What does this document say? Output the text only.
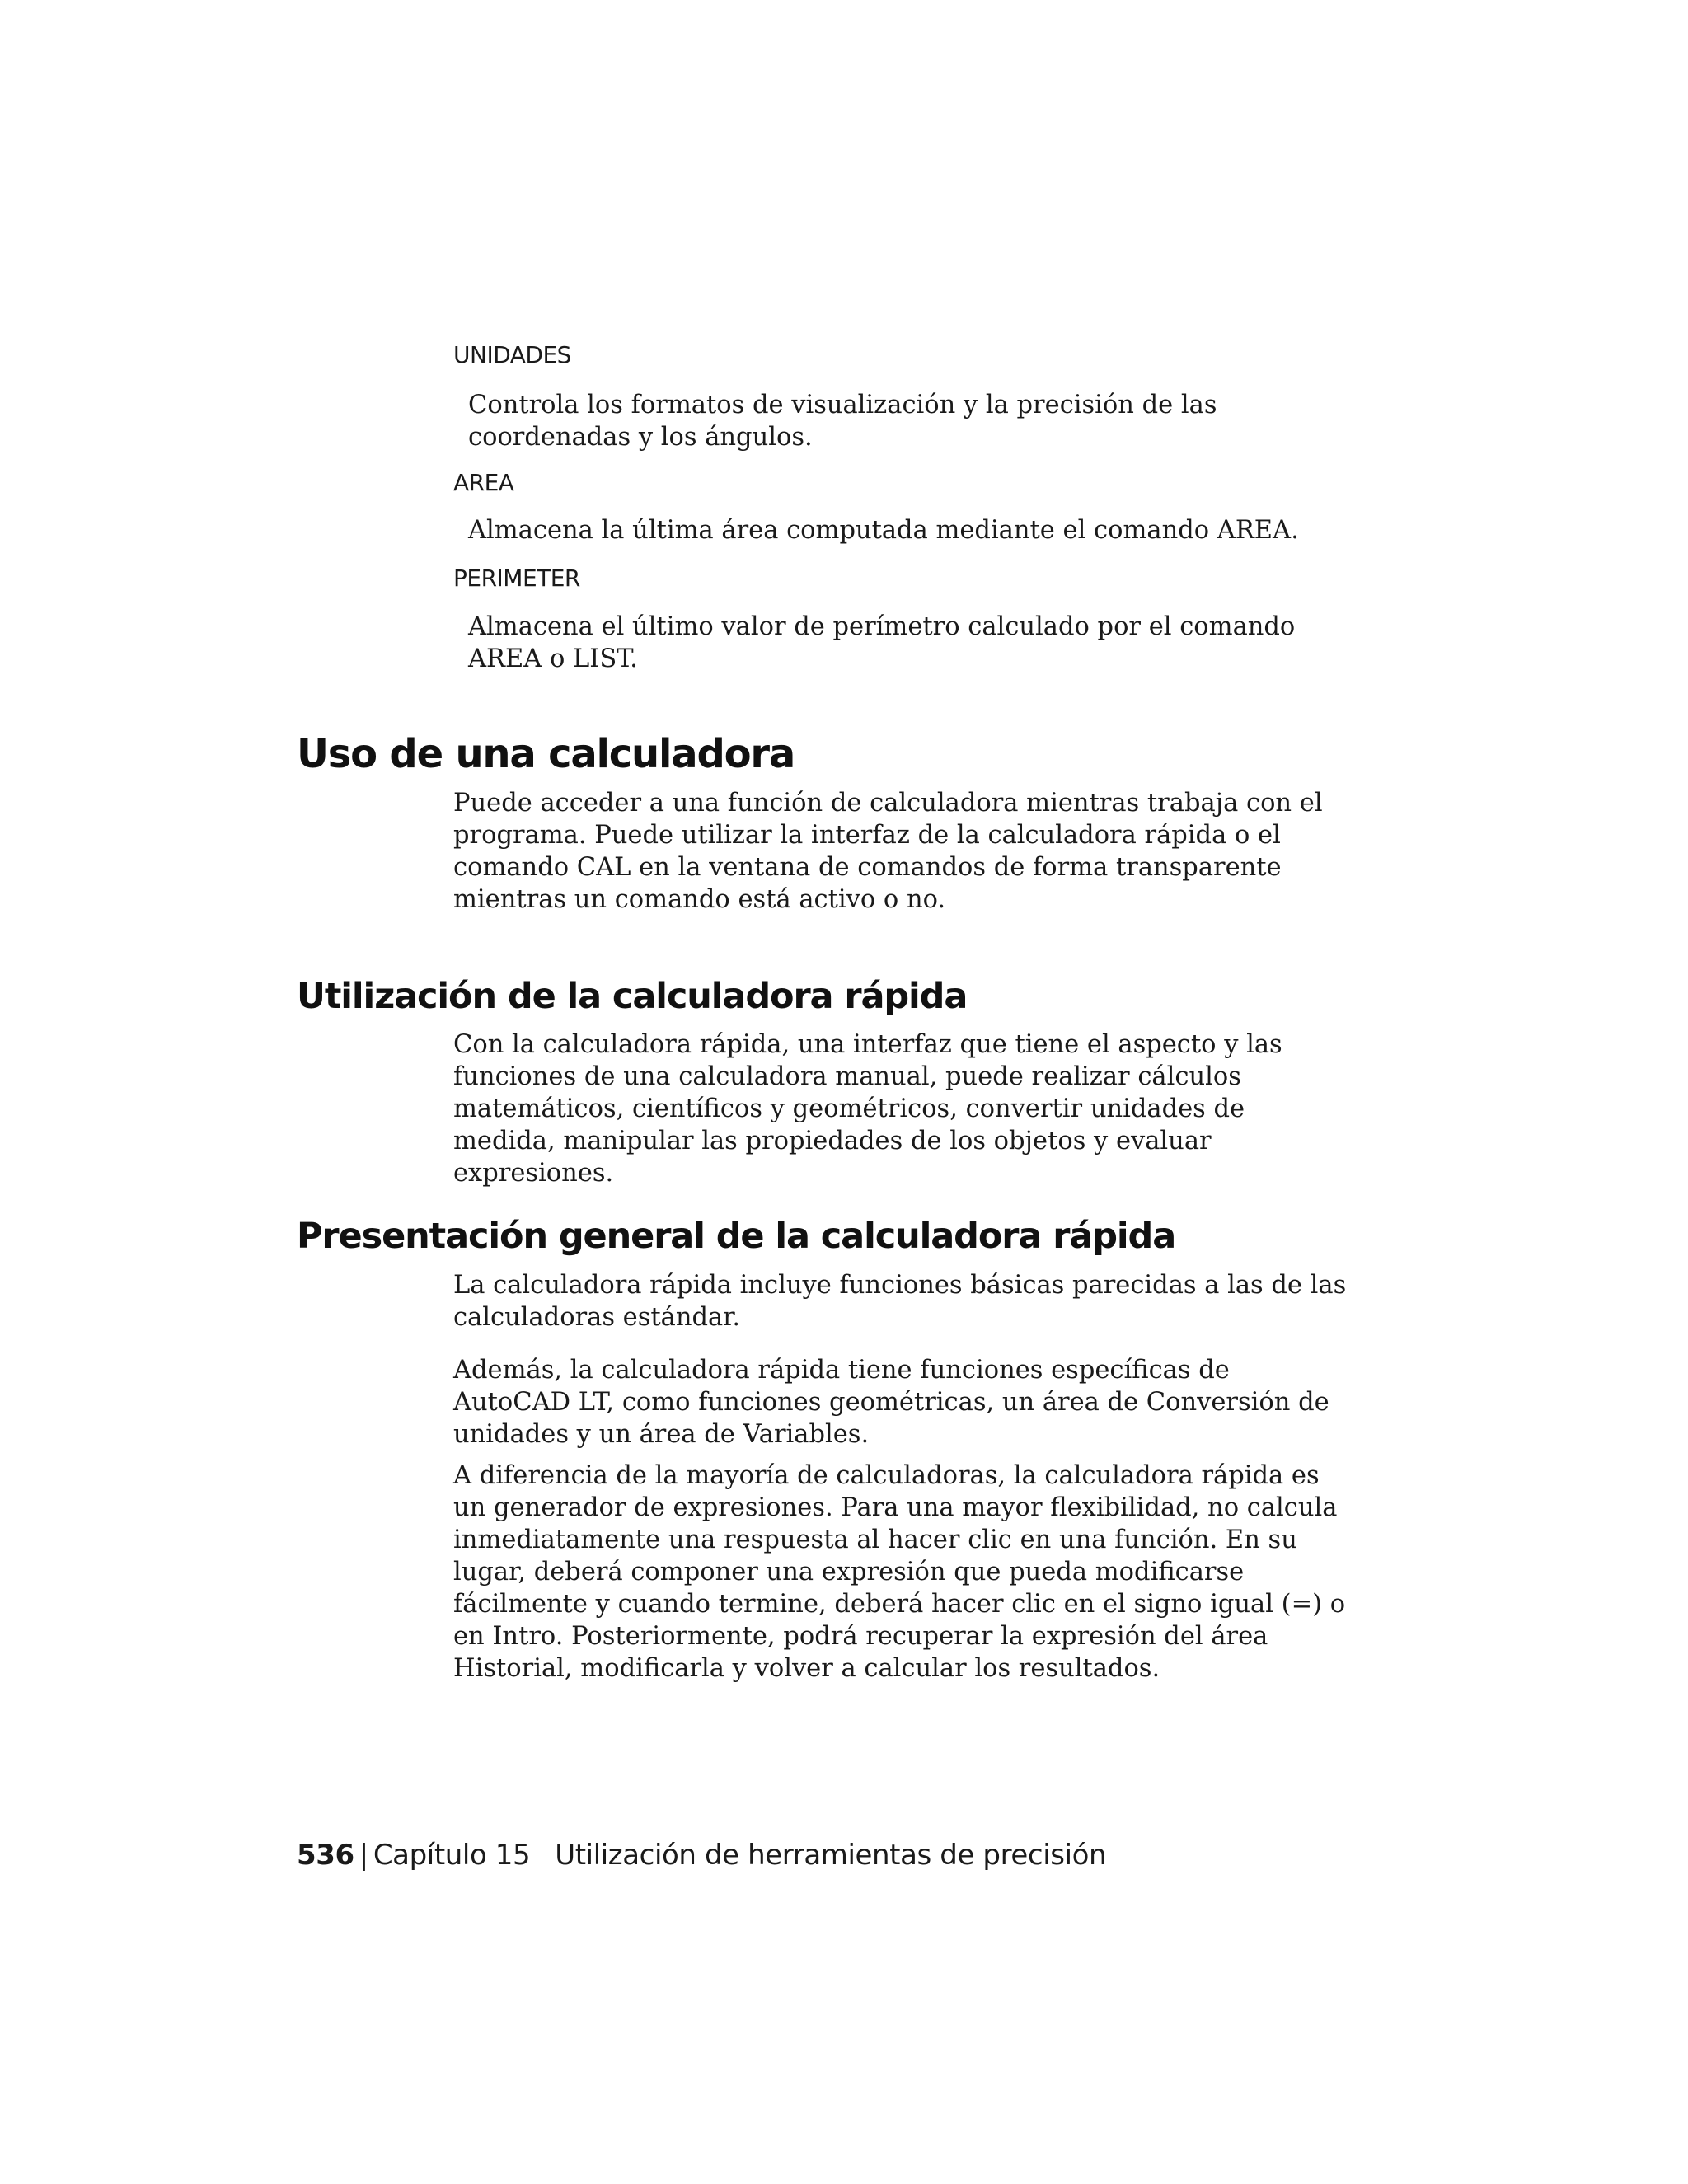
UNIDADES

Controla los formatos de visualización y la precisión de las coordenadas y los ángulos.

AREA

Almacena la última área computada mediante el comando AREA.

PERIMETER

Almacena el último valor de perímetro calculado por el comando AREA o LIST.

Uso de una calculadora

Puede acceder a una función de calculadora mientras trabaja con el programa. Puede utilizar la interfaz de la calculadora rápida o el comando CAL en la ventana de comandos de forma transparente mientras un comando está activo o no.

Utilización de la calculadora rápida

Con la calculadora rápida, una interfaz que tiene el aspecto y las funciones de una calculadora manual, puede realizar cálculos matemáticos, científicos y geométricos, convertir unidades de medida, manipular las propiedades de los objetos y evaluar expresiones.

Presentación general de la calculadora rápida

La calculadora rápida incluye funciones básicas parecidas a las de las calculadoras estándar.

Además, la calculadora rápida tiene funciones específicas de AutoCAD LT, como funciones geométricas, un área de Conversión de unidades y un área de Variables.

A diferencia de la mayoría de calculadoras, la calculadora rápida es un generador de expresiones. Para una mayor flexibilidad, no calcula inmediatamente una respuesta al hacer clic en una función. En su lugar, deberá componer una expresión que pueda modificarse fácilmente y cuando termine, deberá hacer clic en el signo igual (=) o en Intro. Posteriormente, podrá recuperar la expresión del área Historial, modificarla y volver a calcular los resultados.

536 | Capítulo 15 Utilización de herramientas de precisión
